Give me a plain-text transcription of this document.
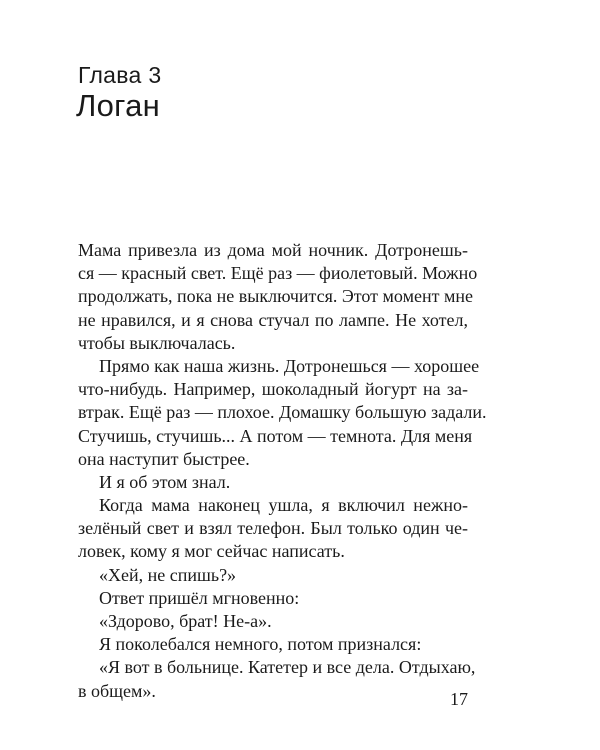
Глава 3
Логан
Мама привезла из дома мой ночник. Дотронешь-
ся — красный свет. Ещё раз — фиолетовый. Можно
продолжать, пока не выключится. Этот момент мне
не нравился, и я снова стучал по лампе. Не хотел,
чтобы выключалась.
Прямо как наша жизнь. Дотронешься — хорошее
что-нибудь. Например, шоколадный йогурт на за-
втрак. Ещё раз — плохое. Домашку большую задали.
Стучишь, стучишь... А потом — темнота. Для меня
она наступит быстрее.
И я об этом знал.
Когда мама наконец ушла, я включил нежно-
зелёный свет и взял телефон. Был только один че-
ловек, кому я мог сейчас написать.
«Хей, не спишь?»
Ответ пришёл мгновенно:
«Здорово, брат! Не-а».
Я поколебался немного, потом признался:
«Я вот в больнице. Катетер и все дела. Отдыхаю,
в общем».	17
